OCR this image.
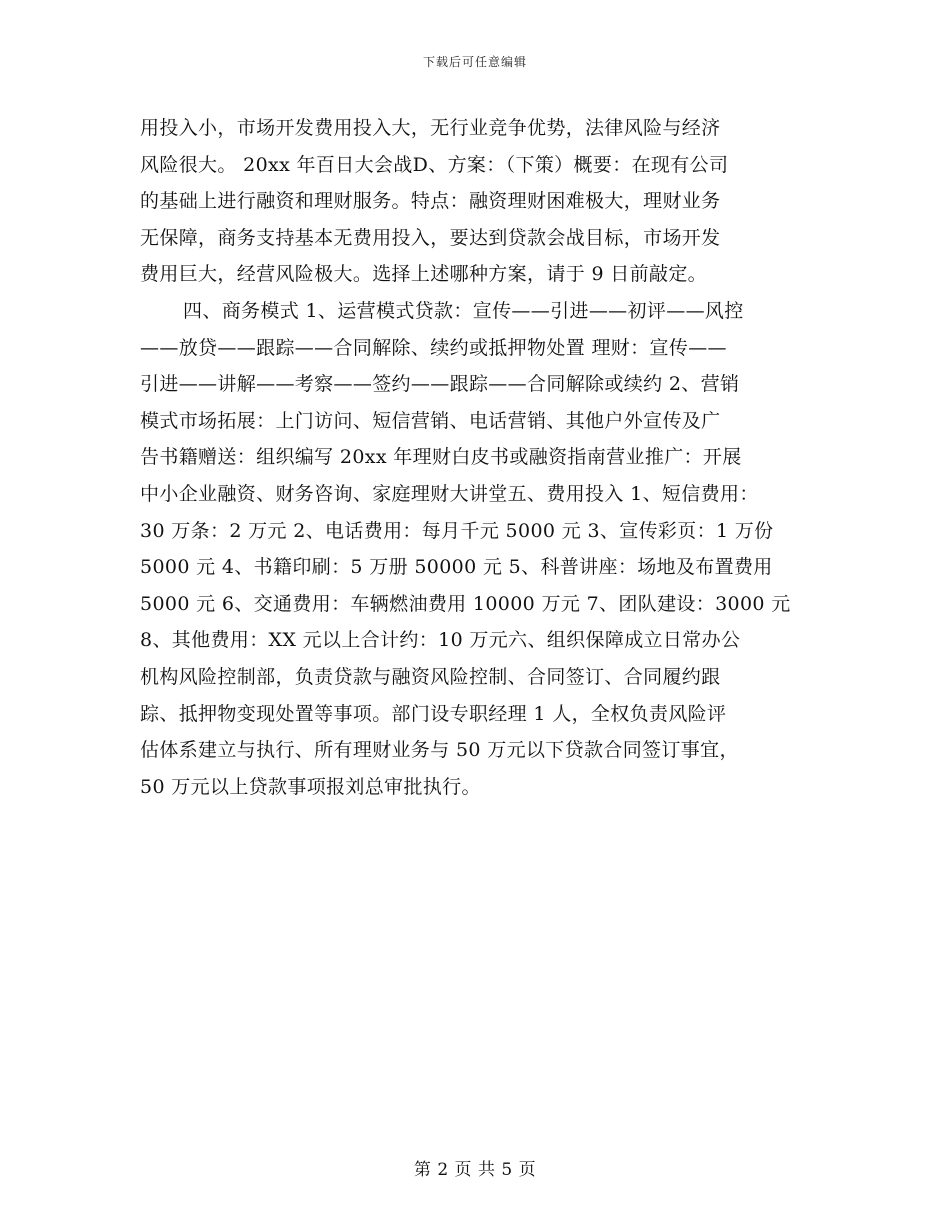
下载后可任意编辑
用投入小，市场开发费用投入大，无行业竞争优势，法律风险与经济
风险很大。 20xx 年百日大会战D、方案：（下策）概要：在现有公司
的基础上进行融资和理财服务。特点：融资理财困难极大，理财业务
无保障，商务支持基本无费用投入，要达到贷款会战目标，市场开发
费用巨大，经营风险极大。选择上述哪种方案，请于 9 日前敲定。
四、商务模式 1、运营模式贷款：宣传——引进——初评——风控
——放贷——跟踪——合同解除、续约或抵押物处置 理财：宣传——
引进——讲解——考察——签约——跟踪——合同解除或续约 2、营销
模式市场拓展：上门访问、短信营销、电话营销、其他户外宣传及广
告书籍赠送：组织编写 20xx 年理财白皮书或融资指南营业推广：开展
中小企业融资、财务咨询、家庭理财大讲堂五、费用投入 1、短信费用：
30 万条：2 万元 2、电话费用：每月千元 5000 元 3、宣传彩页：1 万份
5000 元 4、书籍印刷：5 万册 50000 元 5、科普讲座：场地及布置费用
5000 元 6、交通费用：车辆燃油费用 10000 万元 7、团队建设：3000 元
8、其他费用：XX 元以上合计约：10 万元六、组织保障成立日常办公
机构风险控制部，负责贷款与融资风险控制、合同签订、合同履约跟
踪、抵押物变现处置等事项。部门设专职经理 1 人，全权负责风险评
估体系建立与执行、所有理财业务与 50 万元以下贷款合同签订事宜，
50 万元以上贷款事项报刘总审批执行。
第 2 页 共 5 页
